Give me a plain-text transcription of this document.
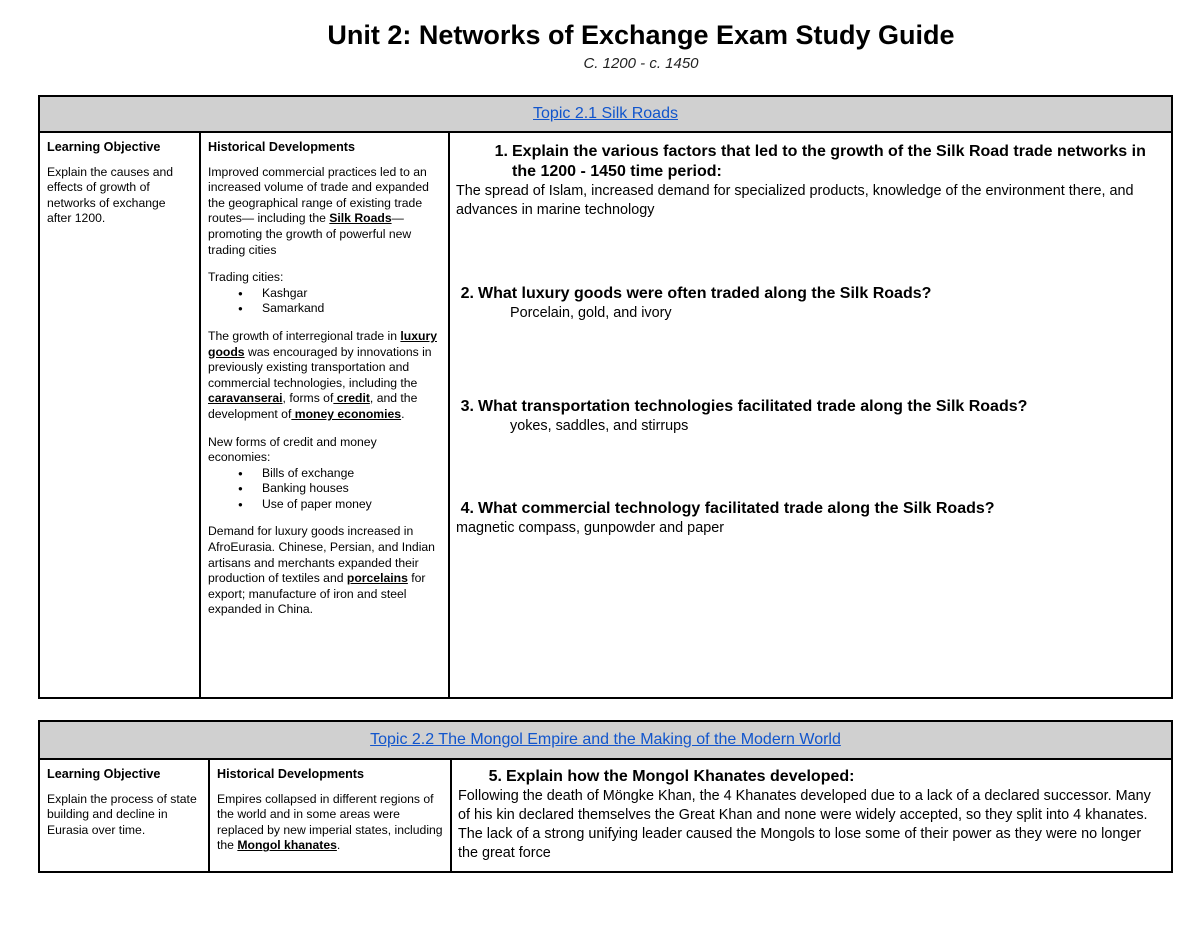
Unit 2: Networks of Exchange Exam Study Guide
C. 1200 - c. 1450
Topic 2.1 Silk Roads

Learning Objective
Explain the causes and effects of growth of networks of exchange after 1200.

Historical Developments
Improved commercial practices led to an increased volume of trade and expanded the geographical range of existing trade routes— including the Silk Roads—promoting the growth of powerful new trading cities
Trading cities:
● Kashgar
● Samarkand
The growth of interregional trade in luxury goods was encouraged by innovations in previously existing transportation and commercial technologies, including the caravanserai, forms of credit, and the development of money economies.
New forms of credit and money economies:
● Bills of exchange
● Banking houses
● Use of paper money
Demand for luxury goods increased in AfroEurasia. Chinese, Persian, and Indian artisans and merchants expanded their production of textiles and porcelains for export; manufacture of iron and steel expanded in China.

1. Explain the various factors that led to the growth of the Silk Road trade networks in the 1200 - 1450 time period:
The spread of Islam, increased demand for specialized products, knowledge of the environment there, and advances in marine technology
2. What luxury goods were often traded along the Silk Roads?
Porcelain, gold, and ivory
3. What transportation technologies facilitated trade along the Silk Roads?
yokes, saddles, and stirrups
4. What commercial technology facilitated trade along the Silk Roads?
magnetic compass, gunpowder and paper
Topic 2.2 The Mongol Empire and the Making of the Modern World

Learning Objective
Explain the process of state building and decline in Eurasia over time.

Historical Developments
Empires collapsed in different regions of the world and in some areas were replaced by new imperial states, including the Mongol khanates.

5. Explain how the Mongol Khanates developed:
Following the death of Möngke Khan, the 4 Khanates developed due to a lack of a declared successor. Many of his kin declared themselves the Great Khan and none were widely accepted, so they split into 4 khanates. The lack of a strong unifying leader caused the Mongols to lose some of their power as they were no longer the great force
